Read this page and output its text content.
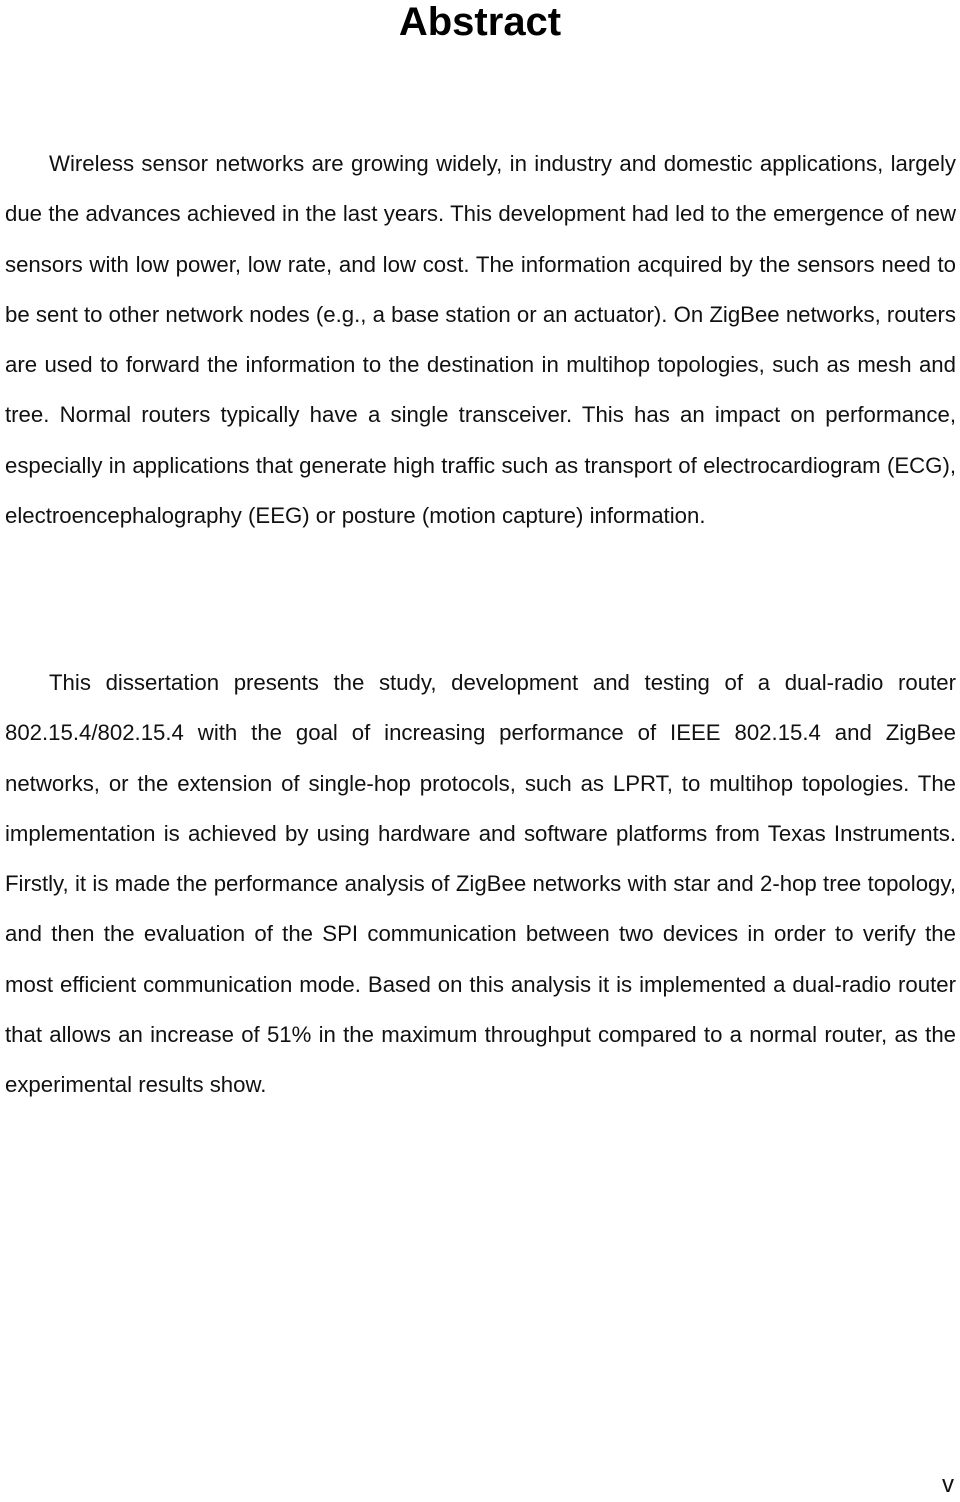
Abstract

Wireless sensor networks are growing widely, in industry and domestic applications, largely due the advances achieved in the last years. This development had led to the emergence of new sensors with low power, low rate, and low cost. The information acquired by the sensors need to be sent to other network nodes (e.g., a base station or an actuator). On ZigBee networks, routers are used to forward the information to the destination in multihop topologies, such as mesh and tree. Normal routers typically have a single transceiver. This has an impact on performance, especially in applications that generate high traffic such as transport of electrocardiogram (ECG), electroencephalography (EEG) or posture (motion capture) information.

This dissertation presents the study, development and testing of a dual-radio router 802.15.4/802.15.4 with the goal of increasing performance of IEEE 802.15.4 and ZigBee networks, or the extension of single-hop protocols, such as LPRT, to multihop topologies. The implementation is achieved by using hardware and software platforms from Texas Instruments. Firstly, it is made the performance analysis of ZigBee networks with star and 2-hop tree topology, and then the evaluation of the SPI communication between two devices in order to verify the most efficient communication mode. Based on this analysis it is implemented a dual-radio router that allows an increase of 51% in the maximum throughput compared to a normal router, as the experimental results show.

v
